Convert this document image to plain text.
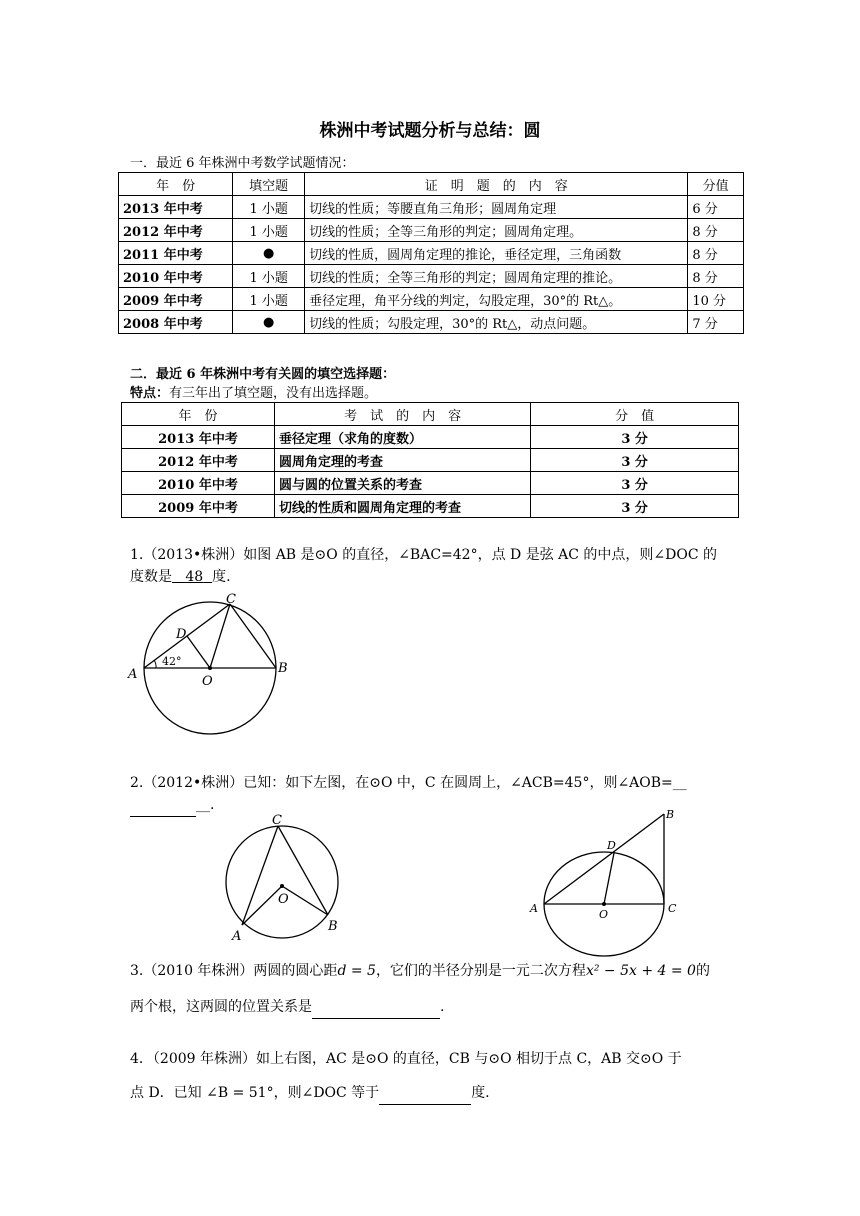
株洲中考试题分析与总结：圆
一．最近 6 年株洲中考数学试题情况：
年　份	填空题	证　明　题　的　内　容	分值
2013 年中考	1 小题	切线的性质；等腰直角三角形；圆周角定理	6 分
2012 年中考	1 小题	切线的性质；全等三角形的判定；圆周角定理。	8 分
2011 年中考	●	切线的性质，圆周角定理的推论，垂径定理，三角函数	8 分
2010 年中考	1 小题	切线的性质；全等三角形的判定；圆周角定理的推论。	8 分
2009 年中考	1 小题	垂径定理，角平分线的判定，勾股定理，30°的 Rt△。	10 分
2008 年中考	●	切线的性质；勾股定理，30°的 Rt△，动点问题。	7 分
二．最近 6 年株洲中考有关圆的填空选择题：
特点：有三年出了填空题，没有出选择题。
年　份	考　试　的　内　容	分　值
2013 年中考	垂径定理（求角的度数）	3 分
2012 年中考	圆周角定理的考查	3 分
2010 年中考	圆与圆的位置关系的考查	3 分
2009 年中考	切线的性质和圆周角定理的考查	3 分
1.（2013•株洲）如图 AB 是⊙O 的直径，∠BAC=42°，点 D 是弦 AC 的中点，则∠DOC 的
度数是 48 度.
A	B
C
D
O
42°
2.（2012•株洲）已知：如下左图，在⊙O 中，C 在圆周上，∠ACB=45°，则∠AOB=__
__.
C
A
B
O
B
D
A	O	C
3.（2010 年株洲）两圆的圆心距d = 5，它们的半径分别是一元二次方程x² − 5x + 4 = 0的
两个根，这两圆的位置关系是	.
4．（2009 年株洲）如上右图，AC 是⊙O 的直径，CB 与⊙O 相切于点 C，AB 交⊙O 于
点 D．已知 ∠B = 51°，则∠DOC 等于	度.
